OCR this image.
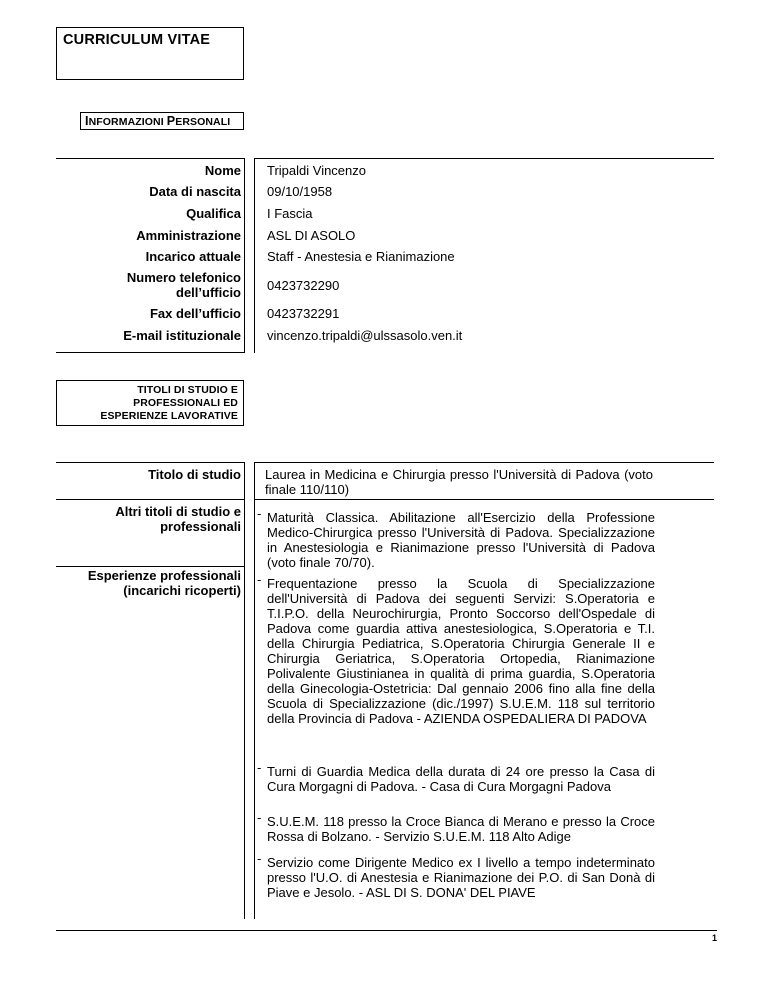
CURRICULUM VITAE
INFORMAZIONI PERSONALI
Nome Tripaldi Vincenzo
Data di nascita 09/10/1958
Qualifica I Fascia
Amministrazione ASL DI ASOLO
Incarico attuale Staff - Anestesia e Rianimazione
Numero telefonico
dell’ufficio 0423732290
Fax dell’ufficio 0423732291
E-mail istituzionale vincenzo.tripaldi@ulssasolo.ven.it
TITOLI DI STUDIO E
PROFESSIONALI ED
ESPERIENZE LAVORATIVE
Titolo di studio Laurea in Medicina e Chirurgia presso l'Università di Padova (voto finale 110/110)
Altri titoli di studio e
professionali
- Maturità Classica. Abilitazione all'Esercizio della Professione Medico-Chirurgica presso l'Università di Padova. Specializzazione in Anestesiologia e Rianimazione presso l'Università di Padova (voto finale 70/70).
Esperienze professionali
(incarichi ricoperti)
- Frequentazione presso la Scuola di Specializzazione dell'Università di Padova dei seguenti Servizi: S.Operatoria e T.I.P.O. della Neurochirurgia, Pronto Soccorso dell'Ospedale di Padova come guardia attiva anestesiologica, S.Operatoria e T.I. della Chirurgia Pediatrica, S.Operatoria Chirurgia Generale II e Chirurgia Geriatrica, S.Operatoria Ortopedia, Rianimazione Polivalente Giustinianea in qualità di prima guardia, S.Operatoria della Ginecologia-Ostetricia: Dal gennaio 2006 fino alla fine della Scuola di Specializzazione (dic./1997) S.U.E.M. 118 sul territorio della Provincia di Padova - AZIENDA OSPEDALIERA DI PADOVA
- Turni di Guardia Medica della durata di 24 ore presso la Casa di Cura Morgagni di Padova. - Casa di Cura Morgagni Padova
- S.U.E.M. 118 presso la Croce Bianca di Merano e presso la Croce Rossa di Bolzano. - Servizio S.U.E.M. 118 Alto Adige
- Servizio come Dirigente Medico ex I livello a tempo indeterminato presso l'U.O. di Anestesia e Rianimazione dei P.O. di San Donà di Piave e Jesolo. - ASL DI S. DONA' DEL PIAVE
1
